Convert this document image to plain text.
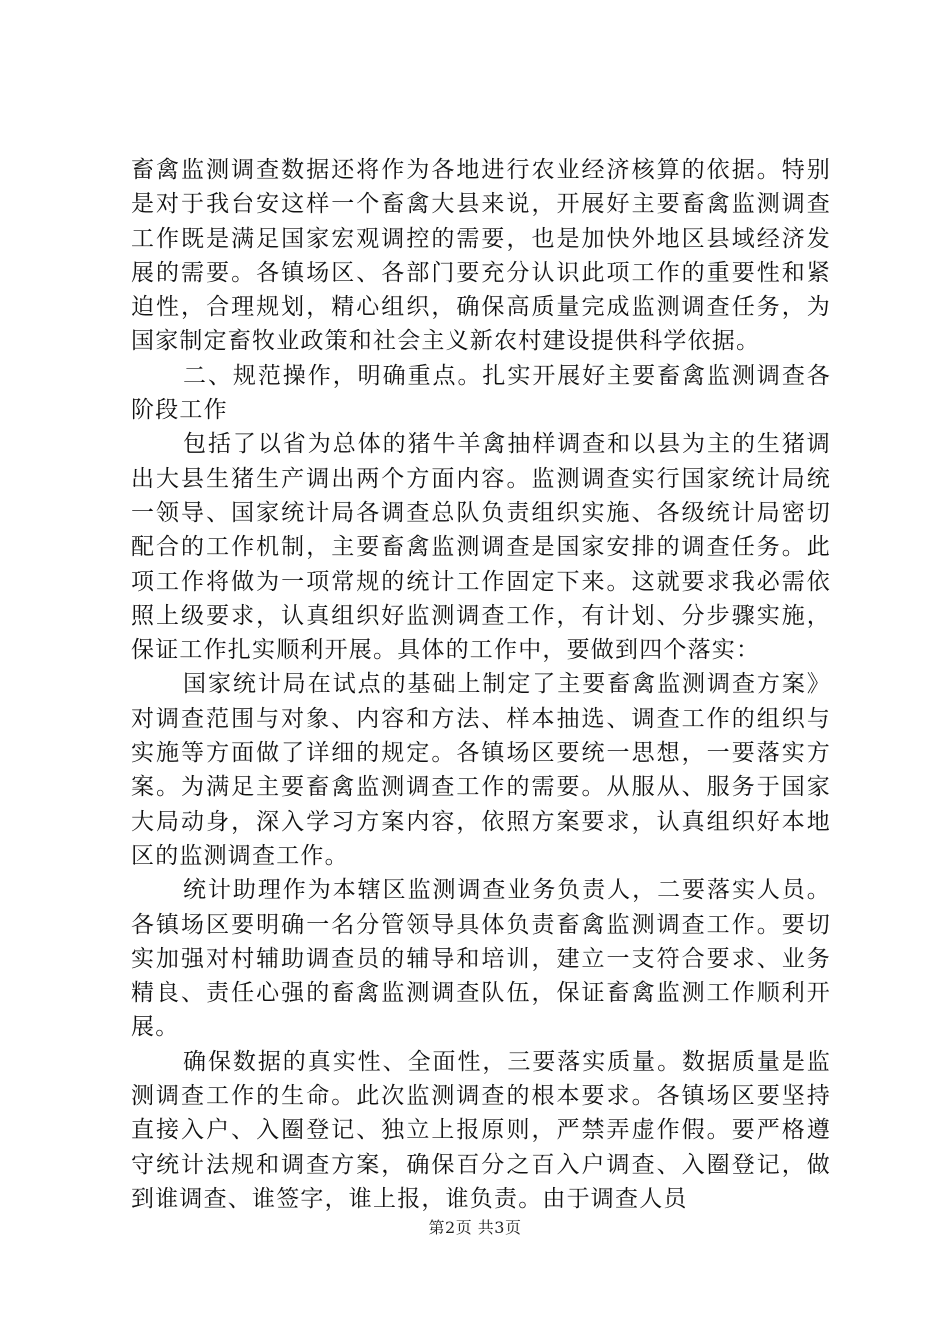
畜禽监测调查数据还将作为各地进行农业经济核算的依据。特别是对于我台安这样一个畜禽大县来说，开展好主要畜禽监测调查工作既是满足国家宏观调控的需要，也是加快外地区县域经济发展的需要。各镇场区、各部门要充分认识此项工作的重要性和紧迫性，合理规划，精心组织，确保高质量完成监测调查任务，为国家制定畜牧业政策和社会主义新农村建设提供科学依据。

二、规范操作，明确重点。扎实开展好主要畜禽监测调查各阶段工作

包括了以省为总体的猪牛羊禽抽样调查和以县为主的生猪调出大县生猪生产调出两个方面内容。监测调查实行国家统计局统一领导、国家统计局各调查总队负责组织实施、各级统计局密切配合的工作机制，主要畜禽监测调查是国家安排的调查任务。此项工作将做为一项常规的统计工作固定下来。这就要求我必需依照上级要求，认真组织好监测调查工作，有计划、分步骤实施，保证工作扎实顺利开展。具体的工作中，要做到四个落实：

国家统计局在试点的基础上制定了主要畜禽监测调查方案》对调查范围与对象、内容和方法、样本抽选、调查工作的组织与实施等方面做了详细的规定。各镇场区要统一思想，一要落实方案。为满足主要畜禽监测调查工作的需要。从服从、服务于国家大局动身，深入学习方案内容，依照方案要求，认真组织好本地区的监测调查工作。

统计助理作为本辖区监测调查业务负责人，二要落实人员。各镇场区要明确一名分管领导具体负责畜禽监测调查工作。要切实加强对村辅助调查员的辅导和培训，建立一支符合要求、业务精良、责任心强的畜禽监测调查队伍，保证畜禽监测工作顺利开展。

确保数据的真实性、全面性，三要落实质量。数据质量是监测调查工作的生命。此次监测调查的根本要求。各镇场区要坚持直接入户、入圈登记、独立上报原则，严禁弄虚作假。要严格遵守统计法规和调查方案，确保百分之百入户调查、入圈登记，做到谁调查、谁签字，谁上报，谁负责。由于调查人员

第2页 共3页
